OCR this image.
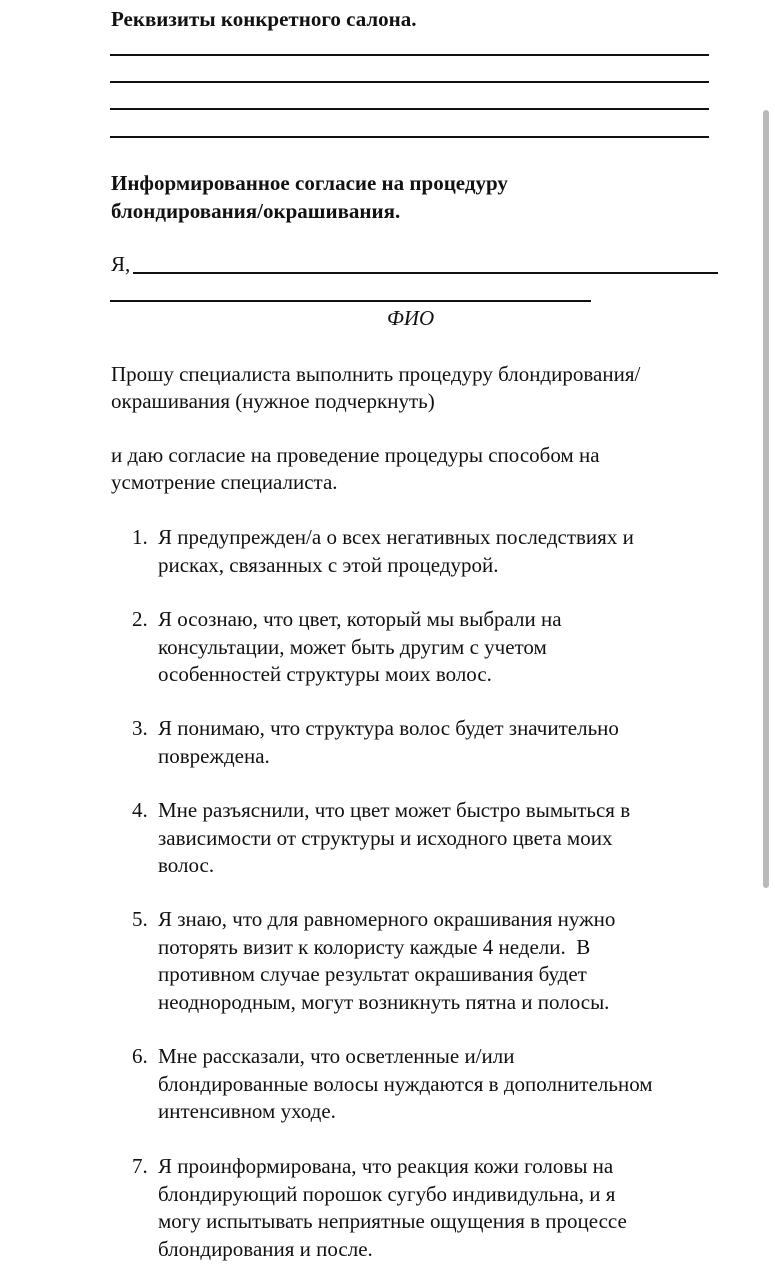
Реквизиты конкретного салона.

Информированное согласие на процедуру

блондирования/окрашивания.

Я,
ФИО

Прошу специалиста выполнить процедуру блондирования/

окрашивания (нужное подчеркнуть)

и даю согласие на проведение процедуры способом на

усмотрение специалиста.

1. Я предупрежден/а о всех негативных последствиях и
рисках, связанных с этой процедурой.
2. Я осознаю, что цвет, который мы выбрали на
консультации, может быть другим с учетом
особенностей структуры моих волос.
3. Я понимаю, что структура волос будет значительно
повреждена.
4. Мне разъяснили, что цвет может быстро вымыться в
зависимости от структуры и исходного цвета моих
волос.
5. Я знаю, что для равномерного окрашивания нужно
поторять визит к колористу каждые 4 недели.  В
противном случае результат окрашивания будет
неоднородным, могут возникнуть пятна и полосы.
6. Мне рассказали, что осветленные и/или
блондированные волосы нуждаются в дополнительном
интенсивном уходе.
7. Я проинформирована, что реакция кожи головы на
блондирующий порошок сугубо индивидульна, и я
могу испытывать неприятные ощущения в процессе
блондирования и после.
